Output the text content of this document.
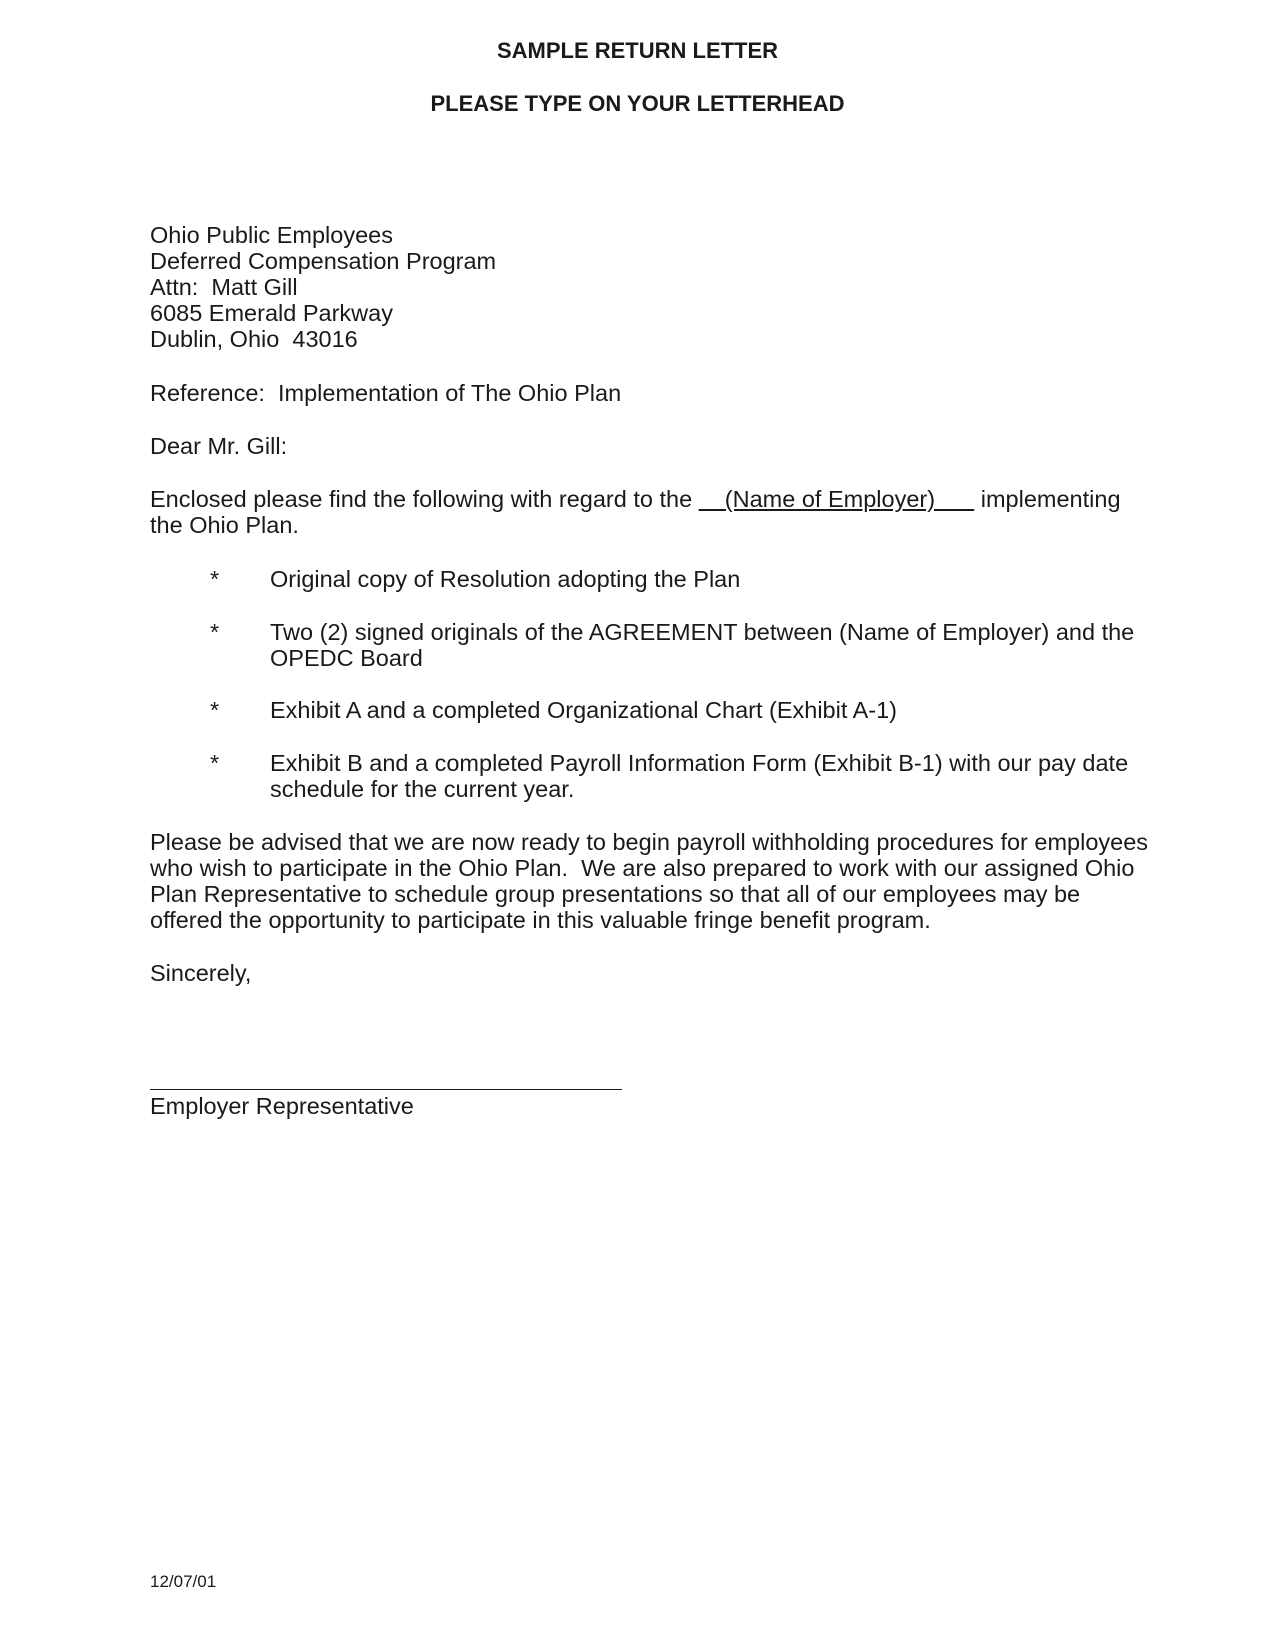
SAMPLE RETURN LETTER
PLEASE TYPE ON YOUR LETTERHEAD
Ohio Public Employees
Deferred Compensation Program
Attn:  Matt Gill
6085 Emerald Parkway
Dublin, Ohio  43016
Reference:  Implementation of The Ohio Plan
Dear Mr. Gill:
Enclosed please find the following with regard to the     (Name of Employer)       implementing
the Ohio Plan.
* Original copy of Resolution adopting the Plan
* Two (2) signed originals of the AGREEMENT between (Name of Employer) and the
OPEDC Board
* Exhibit A and a completed Organizational Chart (Exhibit A-1)
* Exhibit B and a completed Payroll Information Form (Exhibit B-1) with our pay date
schedule for the current year.
Please be advised that we are now ready to begin payroll withholding procedures for employees
who wish to participate in the Ohio Plan.  We are also prepared to work with our assigned Ohio
Plan Representative to schedule group presentations so that all of our employees may be
offered the opportunity to participate in this valuable fringe benefit program.
Sincerely,
Employer Representative
12/07/01
